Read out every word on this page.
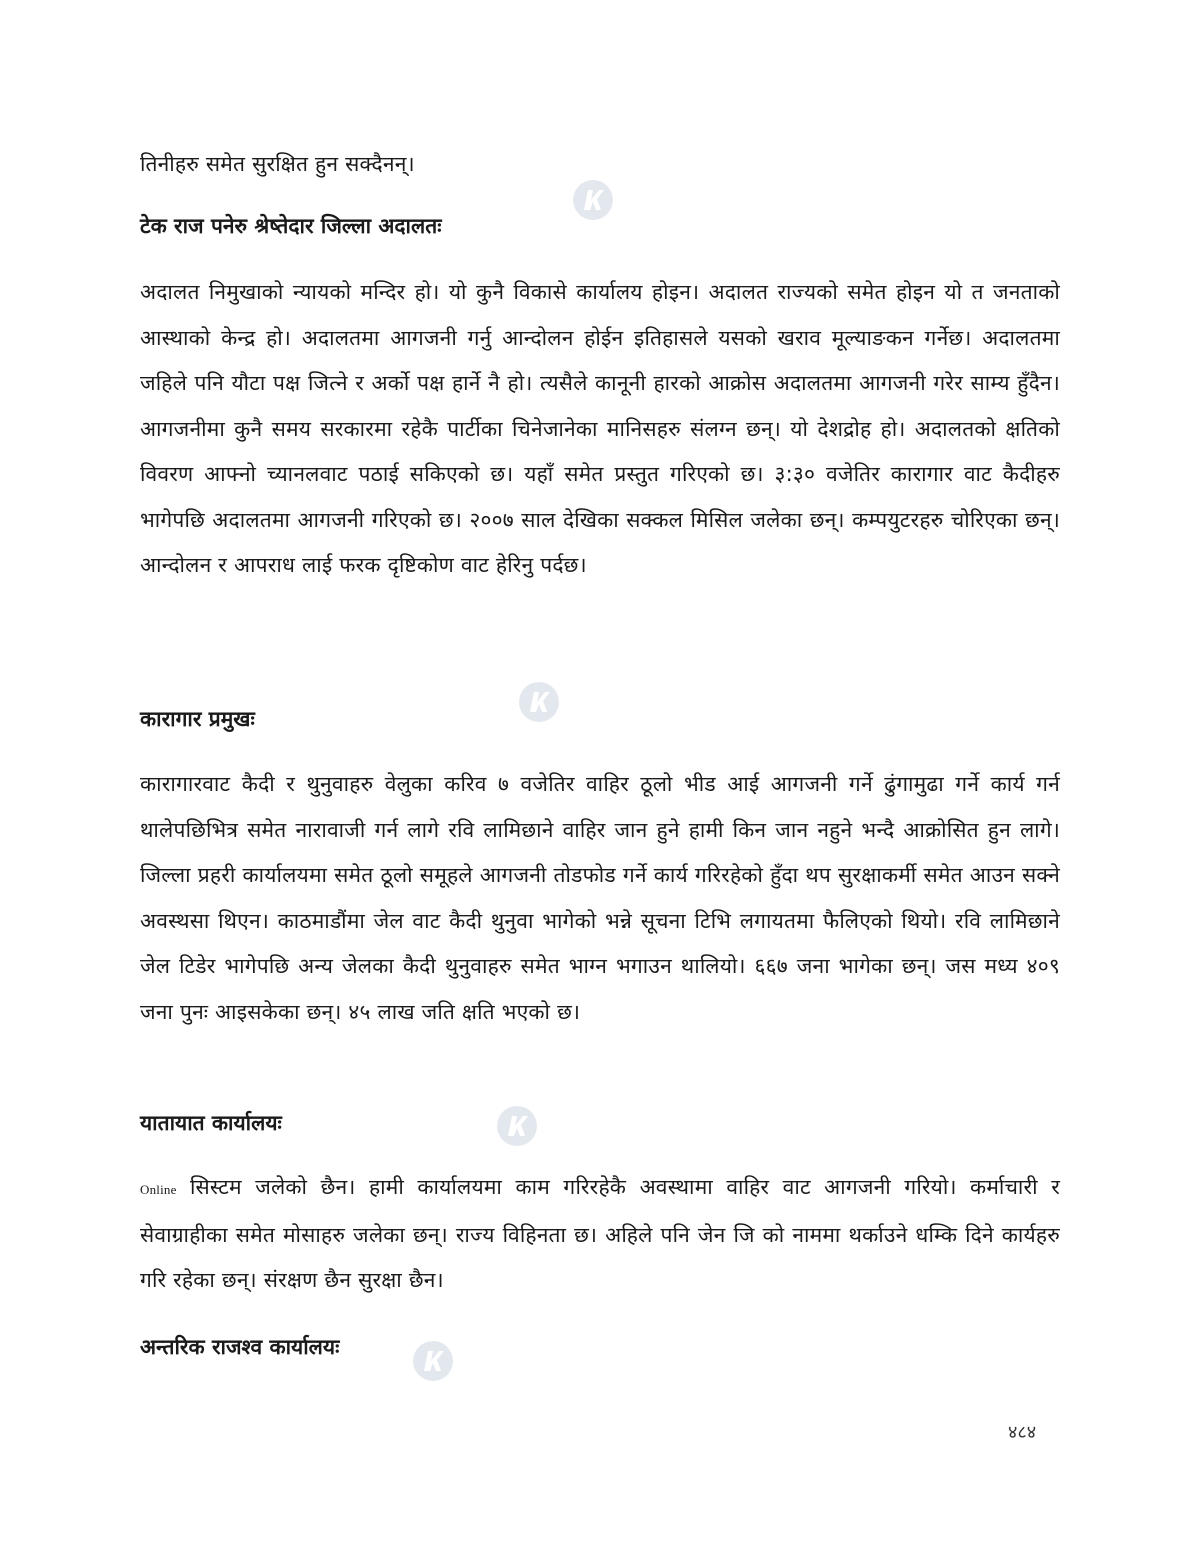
तिनीहरु समेत सुरक्षित हुन सक्दैनन्।

टेक राज पनेरु श्रेष्तेदार जिल्ला अदालतः

अदालत निमुखाको न्यायको मन्दिर हो। यो कुनै विकासे कार्यालय होइन। अदालत राज्यको समेत होइन यो त जनताको आस्थाको केन्द्र हो। अदालतमा आगजनी गर्नु आन्दोलन होईन इतिहासले यसको खराव मूल्याङकन गर्नेछ। अदालतमा जहिले पनि यौटा पक्ष जित्ने र अर्को पक्ष हार्ने नै हो। त्यसैले कानूनी हारको आक्रोस अदालतमा आगजनी गरेर साम्य हुँदैन। आगजनीमा कुनै समय सरकारमा रहेकै पार्टीका चिनेजानेका मानिसहरु संलग्न छन्। यो देशद्रोह हो। अदालतको क्षतिको विवरण आफ्नो च्यानलवाट पठाई सकिएको छ। यहाँ समेत प्रस्तुत गरिएको छ। ३:३० वजेतिर कारागार वाट कैदीहरु भागेपछि अदालतमा आगजनी गरिएको छ। २००७ साल देखिका सक्कल मिसिल जलेका छन्। कम्पयुटरहरु चोरिएका छन्। आन्दोलन र आपराध लाई फरक दृष्टिकोण वाट हेरिनु पर्दछ।

कारागार प्रमुखः

कारागारवाट कैदी र थुनुवाहरु वेलुका करिव ७ वजेतिर वाहिर ठूलो भीड आई आगजनी गर्ने ढुंगामुढा गर्ने कार्य गर्न थालेपछिभित्र समेत नारावाजी गर्न लागे रवि लामिछाने वाहिर जान हुने हामी किन जान नहुने भन्दै आक्रोसित हुन लागे। जिल्ला प्रहरी कार्यालयमा समेत ठूलो समूहले आगजनी तोडफोड गर्ने कार्य गरिरहेको हुँदा थप सुरक्षाकर्मी समेत आउन सक्ने अवस्थसा थिएन। काठमाडौंमा जेल वाट कैदी थुनुवा भागेको भन्ने सूचना टिभि लगायतमा फैलिएको थियो। रवि लामिछाने जेल टिडेर भागेपछि अन्य जेलका कैदी थुनुवाहरु समेत भाग्न भगाउन थालियो। ६६७ जना भागेका छन्। जस मध्य ४०९ जना पुनः आइसकेका छन्। ४५ लाख जति क्षति भएको छ।

यातायात कार्यालयः

Online सिस्टम जलेको छैन। हामी कार्यालयमा काम गरिरहेकै अवस्थामा वाहिर वाट आगजनी गरियो। कर्माचारी र सेवाग्राहीका समेत मोसाहरु जलेका छन्। राज्य विहिनता छ। अहिले पनि जेन जि को नाममा थर्काउने धम्कि दिने कार्यहरु गरि रहेका छन्। संरक्षण छैन सुरक्षा छैन।

अन्तरिक राजश्व कार्यालयः
४८४
